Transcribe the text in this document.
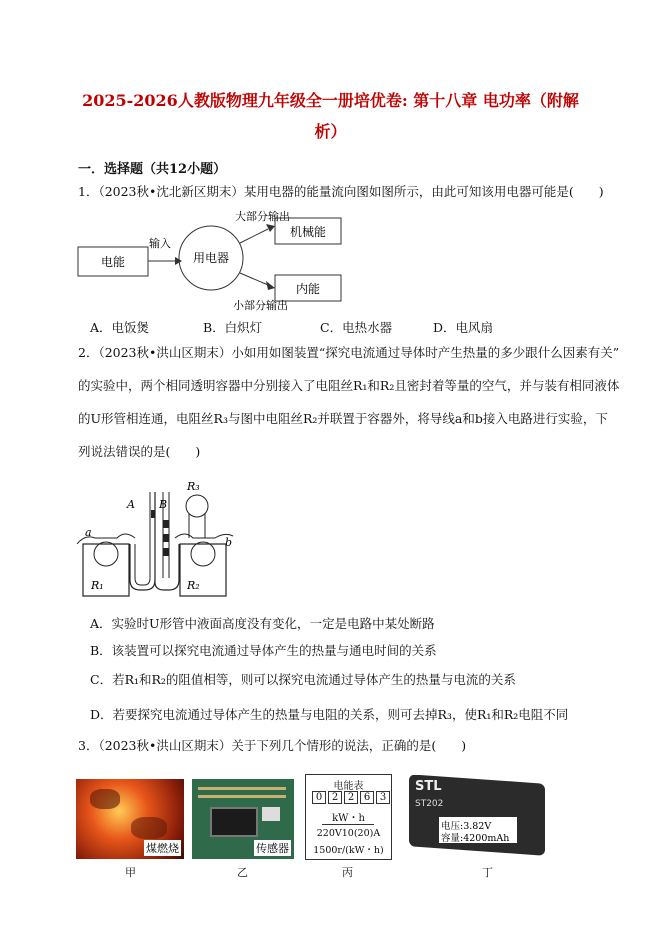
2025-2026人教版物理九年级全一册培优卷: 第十八章 电功率（附解
析）
一．选择题（共12小题）
1．（2023秋•沈北新区期末）某用电器的能量流向图如图所示，由此可知该用电器可能是(　　)
电能
输入
用电器
大部分输出
机械能
内能
小部分输出
A．电饭煲	B．白炽灯	C．电热水器	D．电风扇
2．（2023秋•洪山区期末）小如用如图装置“探究电流通过导体时产生热量的多少跟什么因素有关”
的实验中，两个相同透明容器中分别接入了电阻丝R₁和R₂且密封着等量的空气，并与装有相同液体
的U形管相连通，电阻丝R₃与图中电阻丝R₂并联置于容器外，将导线a和b接入电路进行实验，下
列说法错误的是(　　)
A B
R₃
a
b
R₁	R₂
A．实验时U形管中液面高度没有变化，一定是电路中某处断路
B．该装置可以探究电流通过导体产生的热量与通电时间的关系
C．若R₁和R₂的阻值相等，则可以探究电流通过导体产生的热量与电流的关系
D．若要探究电流通过导体产生的热量与电阻的关系，则可去掉R₃，使R₁和R₂电阻不同
3．（2023秋•洪山区期末）关于下列几个情形的说法，正确的是(　　)
煤燃烧
甲
传感器
乙
电能表
0 2 2 6 3
kW・h
220V10(20)A
1500r/(kW・h)
丙
STL
ST202
电压:3.82V
容量:4200mAh
丁
